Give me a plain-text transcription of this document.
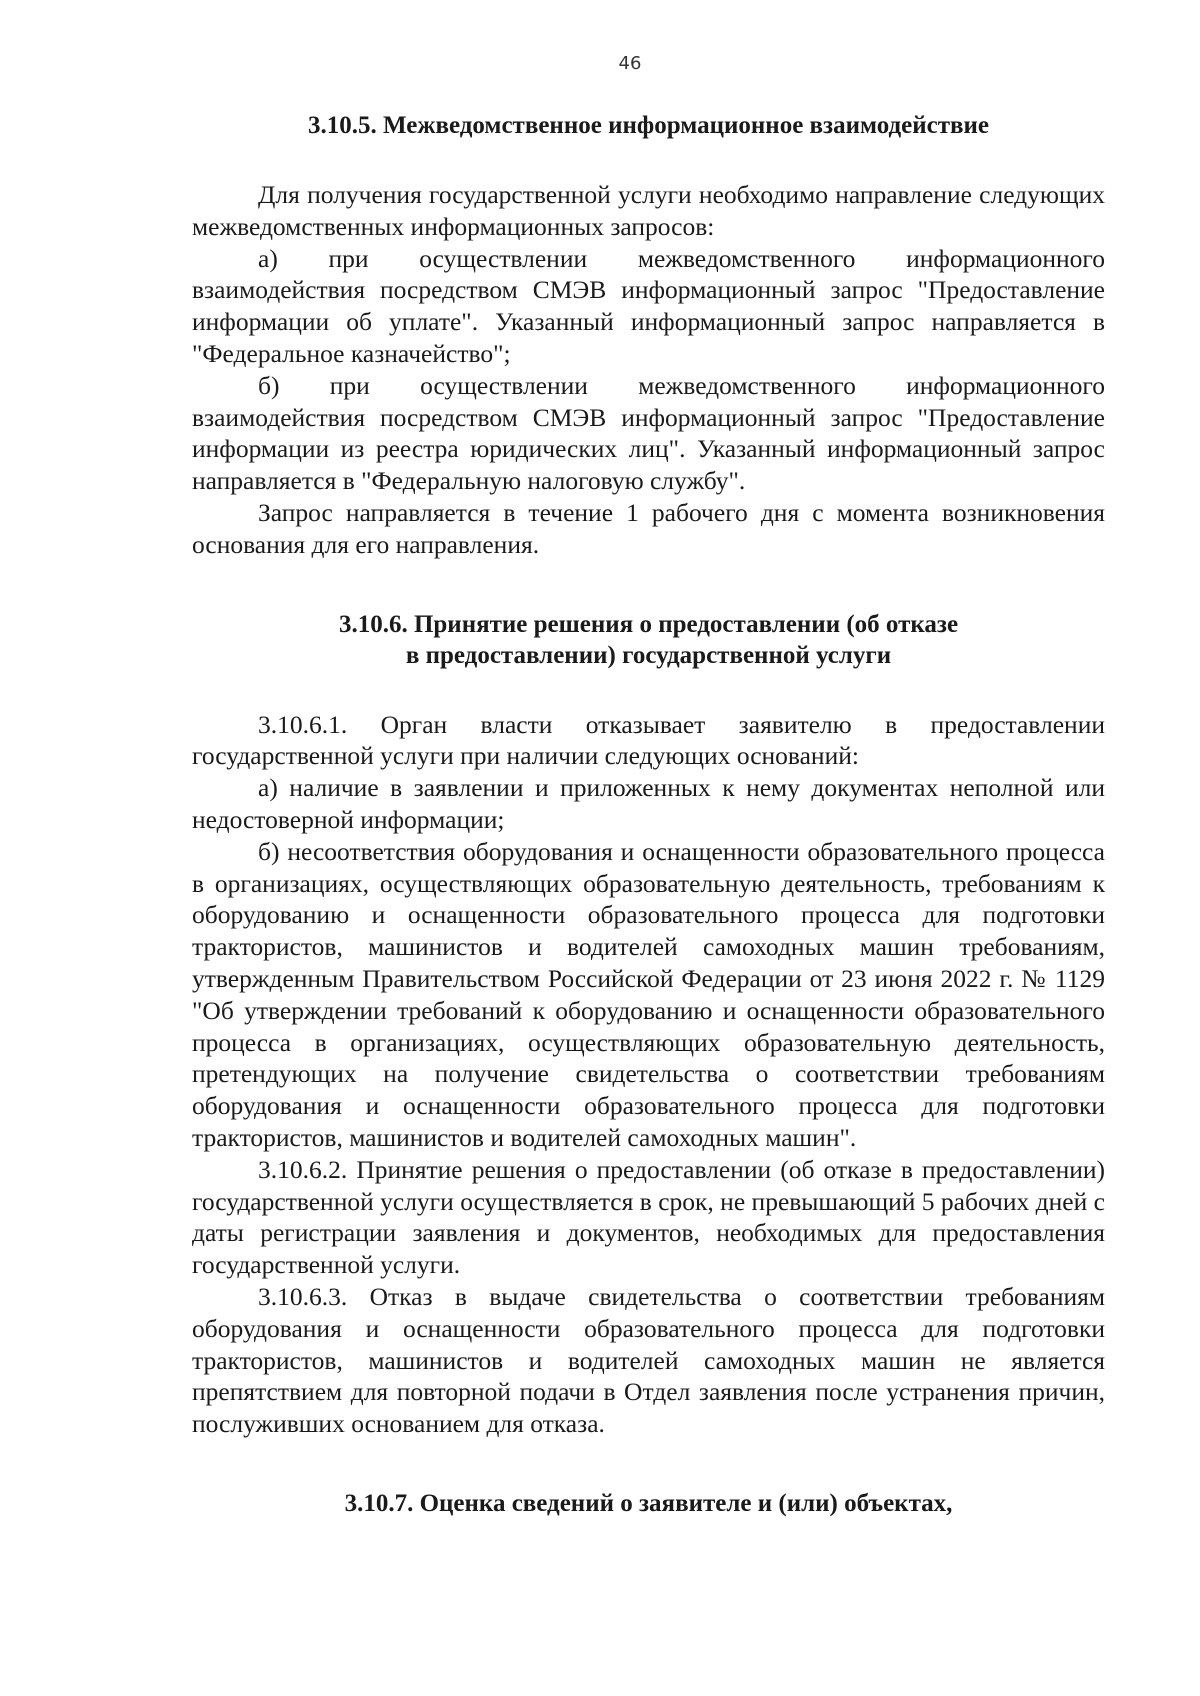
46
3.10.5. Межведомственное информационное взаимодействие

Для получения государственной услуги необходимо направление следующих межведомственных информационных запросов:

а) при осуществлении межведомственного информационного взаимодействия посредством СМЭВ информационный запрос "Предоставление информации об уплате". Указанный информационный запрос направляется в "Федеральное казначейство";

б) при осуществлении межведомственного информационного взаимодействия посредством СМЭВ информационный запрос "Предоставление информации из реестра юридических лиц". Указанный информационный запрос направляется в "Федеральную налоговую службу".

Запрос направляется в течение 1 рабочего дня с момента возникновения основания для его направления.

3.10.6. Принятие решения о предоставлении (об отказе
в предоставлении) государственной услуги

3.10.6.1. Орган власти отказывает заявителю в предоставлении государственной услуги при наличии следующих оснований:

а) наличие в заявлении и приложенных к нему документах неполной или недостоверной информации;

б) несоответствия оборудования и оснащенности образовательного процесса в организациях, осуществляющих образовательную деятельность, требованиям к оборудованию и оснащенности образовательного процесса для подготовки трактористов, машинистов и водителей самоходных машин требованиям, утвержденным Правительством Российской Федерации от 23 июня 2022 г. № 1129 "Об утверждении требований к оборудованию и оснащенности образовательного процесса в организациях, осуществляющих образовательную деятельность, претендующих на получение свидетельства о соответствии требованиям оборудования и оснащенности образовательного процесса для подготовки трактористов, машинистов и водителей самоходных машин".

3.10.6.2. Принятие решения о предоставлении (об отказе в предоставлении) государственной услуги осуществляется в срок, не превышающий 5 рабочих дней с даты регистрации заявления и документов, необходимых для предоставления государственной услуги.

3.10.6.3. Отказ в выдаче свидетельства о соответствии требованиям оборудования и оснащенности образовательного процесса для подготовки трактористов, машинистов и водителей самоходных машин не является препятствием для повторной подачи в Отдел заявления после устранения причин, послуживших основанием для отказа.

3.10.7. Оценка сведений о заявителе и (или) объектах,
